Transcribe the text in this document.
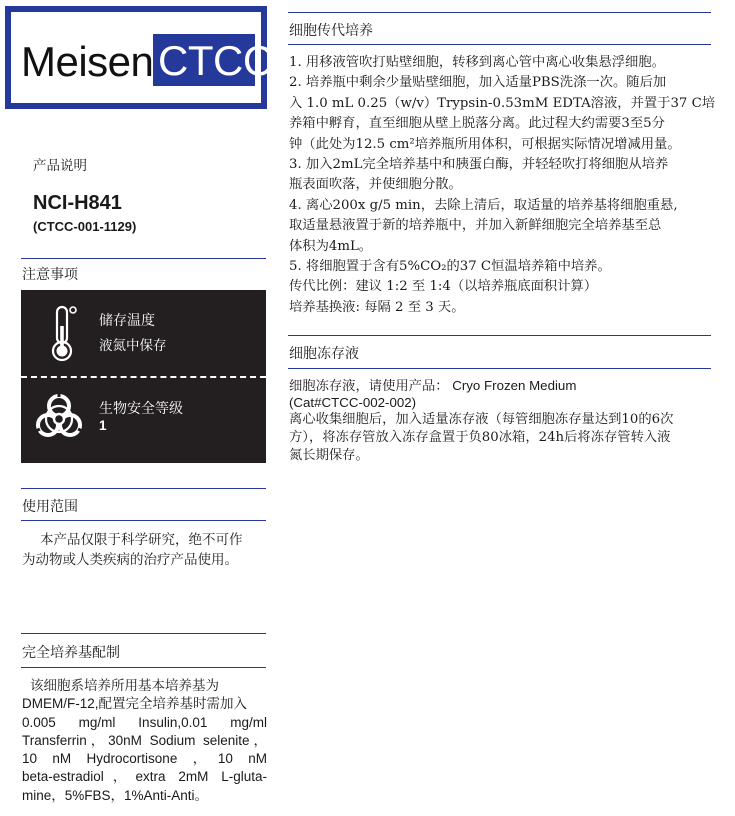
Meisen CTCC
产品说明
NCI-H841
(CTCC-001-1129)
注意事项
储存温度
液氮中保存
生物安全等级
1
使用范围
本产品仅限于科学研究，绝不可作
为动物或人类疾病的治疗产品使用。
完全培养基配制
该细胞系培养所用基本培养基为
DMEM/F-12,配置完全培养基时需加入
0.005 mg/ml Insulin,0.01 mg/ml
Transferrin，30nM Sodium selenite，
10 nM Hydrocortisone ，10 nM
beta-estradiol，extra 2mM L-gluta-
mine，5%FBS，1%Anti-Anti。
细胞传代培养
1. 用移液管吹打贴壁细胞，转移到离心管中离心收集悬浮细胞。
2. 培养瓶中剩余少量贴壁细胞，加入适量PBS洗涤一次。随后加
入 1.0 mL 0.25（w/v）Trypsin-0.53mM EDTA溶液，并置于37 C培
养箱中孵育，直至细胞从壁上脱落分离。此过程大约需要3至5分
钟（此处为12.5 cm²培养瓶所用体积，可根据实际情况增减用量。
3. 加入2mL完全培养基中和胰蛋白酶，并轻轻吹打将细胞从培养
瓶表面吹落，并使细胞分散。
4. 离心200x g/5 min，去除上清后，取适量的培养基将细胞重悬,
取适量悬液置于新的培养瓶中，并加入新鲜细胞完全培养基至总
体积为4mL。
5. 将细胞置于含有5%CO₂的37 C恒温培养箱中培养。
传代比例：建议 1:2 至 1:4（以培养瓶底面积计算）
培养基换液: 每隔 2 至 3 天。
细胞冻存液
细胞冻存液，请使用产品： Cryo Frozen Medium
(Cat#CTCC-002-002)
离心收集细胞后，加入适量冻存液（每管细胞冻存量达到10的6次
方），将冻存管放入冻存盒置于负80冰箱，24h后将冻存管转入液
氮长期保存。
